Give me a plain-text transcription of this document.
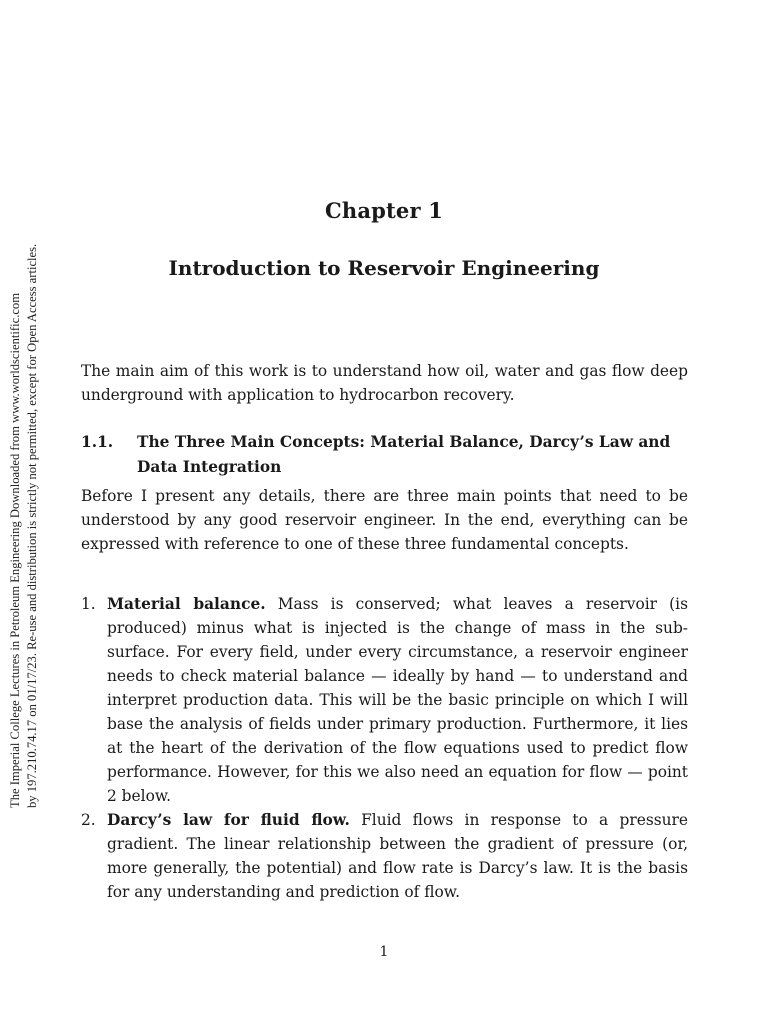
The Imperial College Lectures in Petroleum Engineering Downloaded from www.worldscientific.com by 197.210.74.17 on 01/17/23. Re-use and distribution is strictly not permitted, except for Open Access articles.
Chapter 1
Introduction to Reservoir Engineering
The main aim of this work is to understand how oil, water and gas flow deep underground with application to hydrocarbon recovery.
1.1.	The Three Main Concepts: Material Balance, Darcy’s Law and Data Integration
Before I present any details, there are three main points that need to be understood by any good reservoir engineer. In the end, everything can be expressed with reference to one of these three fundamental concepts.
1. Material balance. Mass is conserved; what leaves a reservoir (is produced) minus what is injected is the change of mass in the sub-surface. For every field, under every circumstance, a reservoir engineer needs to check material balance — ideally by hand — to understand and interpret production data. This will be the basic principle on which I will base the analysis of fields under primary production. Furthermore, it lies at the heart of the derivation of the flow equations used to predict flow performance. However, for this we also need an equation for flow — point 2 below.
2. Darcy’s law for fluid flow. Fluid flows in response to a pressure gradient. The linear relationship between the gradient of pressure (or, more generally, the potential) and flow rate is Darcy’s law. It is the basis for any understanding and prediction of flow.
1
